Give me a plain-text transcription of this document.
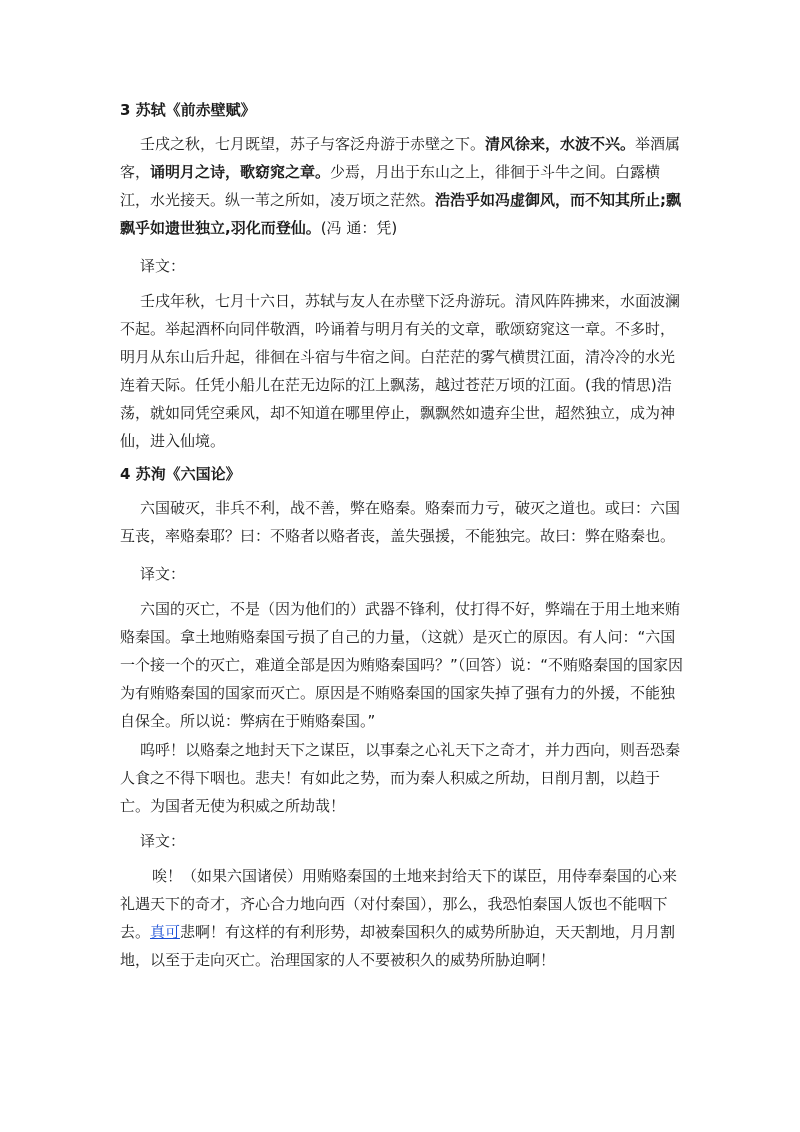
3 苏轼《前赤壁赋》
壬戌之秋，七月既望，苏子与客泛舟游于赤壁之下。清风徐来，水波不兴。举酒属客，诵明月之诗，歌窈窕之章。少焉，月出于东山之上，徘徊于斗牛之间。白露横江，水光接天。纵一苇之所如，凌万顷之茫然。浩浩乎如冯虚御风，而不知其所止;飘飘乎如遗世独立,羽化而登仙。(冯 通：凭)
译文：
壬戌年秋，七月十六日，苏轼与友人在赤壁下泛舟游玩。清风阵阵拂来，水面波澜不起。举起酒杯向同伴敬酒，吟诵着与明月有关的文章，歌颂窈窕这一章。不多时，明月从东山后升起，徘徊在斗宿与牛宿之间。白茫茫的雾气横贯江面，清冷冷的水光连着天际。任凭小船儿在茫无边际的江上飘荡，越过苍茫万顷的江面。(我的情思)浩荡，就如同凭空乘风，却不知道在哪里停止，飘飘然如遗弃尘世，超然独立，成为神仙，进入仙境。
4 苏洵《六国论》
六国破灭，非兵不利，战不善，弊在赂秦。赂秦而力亏，破灭之道也。或曰：六国互丧，率赂秦耶？曰：不赂者以赂者丧，盖失强援，不能独完。故曰：弊在赂秦也。
译文：
六国的灭亡，不是（因为他们的）武器不锋利，仗打得不好，弊端在于用土地来贿赂秦国。拿土地贿赂秦国亏损了自己的力量，（这就）是灭亡的原因。有人问：“六国一个接一个的灭亡，难道全部是因为贿赂秦国吗？”（回答）说：“不贿赂秦国的国家因为有贿赂秦国的国家而灭亡。原因是不贿赂秦国的国家失掉了强有力的外援，不能独自保全。所以说：弊病在于贿赂秦国。”
呜呼！以赂秦之地封天下之谋臣，以事秦之心礼天下之奇才，并力西向，则吾恐秦人食之不得下咽也。悲夫！有如此之势，而为秦人积威之所劫，日削月割，以趋于亡。为国者无使为积威之所劫哉！
译文：
唉！（如果六国诸侯）用贿赂秦国的土地来封给天下的谋臣，用侍奉秦国的心来礼遇天下的奇才，齐心合力地向西（对付秦国），那么，我恐怕秦国人饭也不能咽下去。真可悲啊！有这样的有利形势，却被秦国积久的威势所胁迫，天天割地，月月割地，以至于走向灭亡。治理国家的人不要被积久的威势所胁迫啊！
